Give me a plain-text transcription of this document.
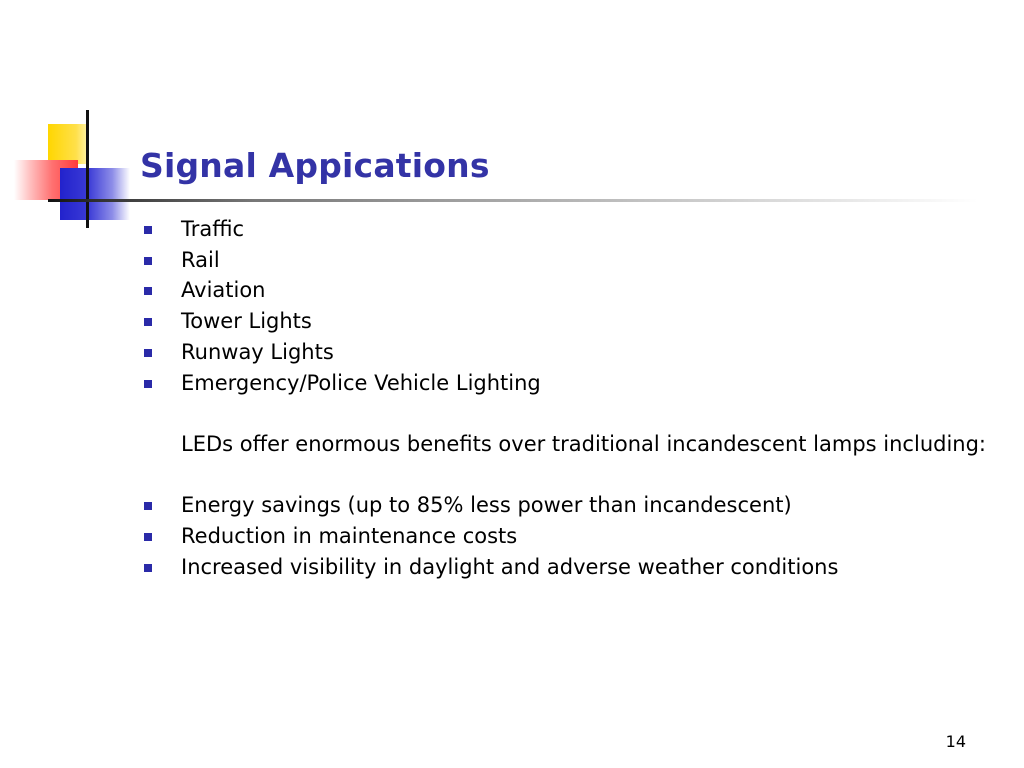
Signal Appications
Traffic
Rail
Aviation
Tower Lights
Runway Lights
Emergency/Police Vehicle Lighting

LEDs offer enormous benefits over traditional incandescent lamps including:

Energy savings (up to 85% less power than incandescent)
Reduction in maintenance costs
Increased visibility in daylight and adverse weather conditions
14
